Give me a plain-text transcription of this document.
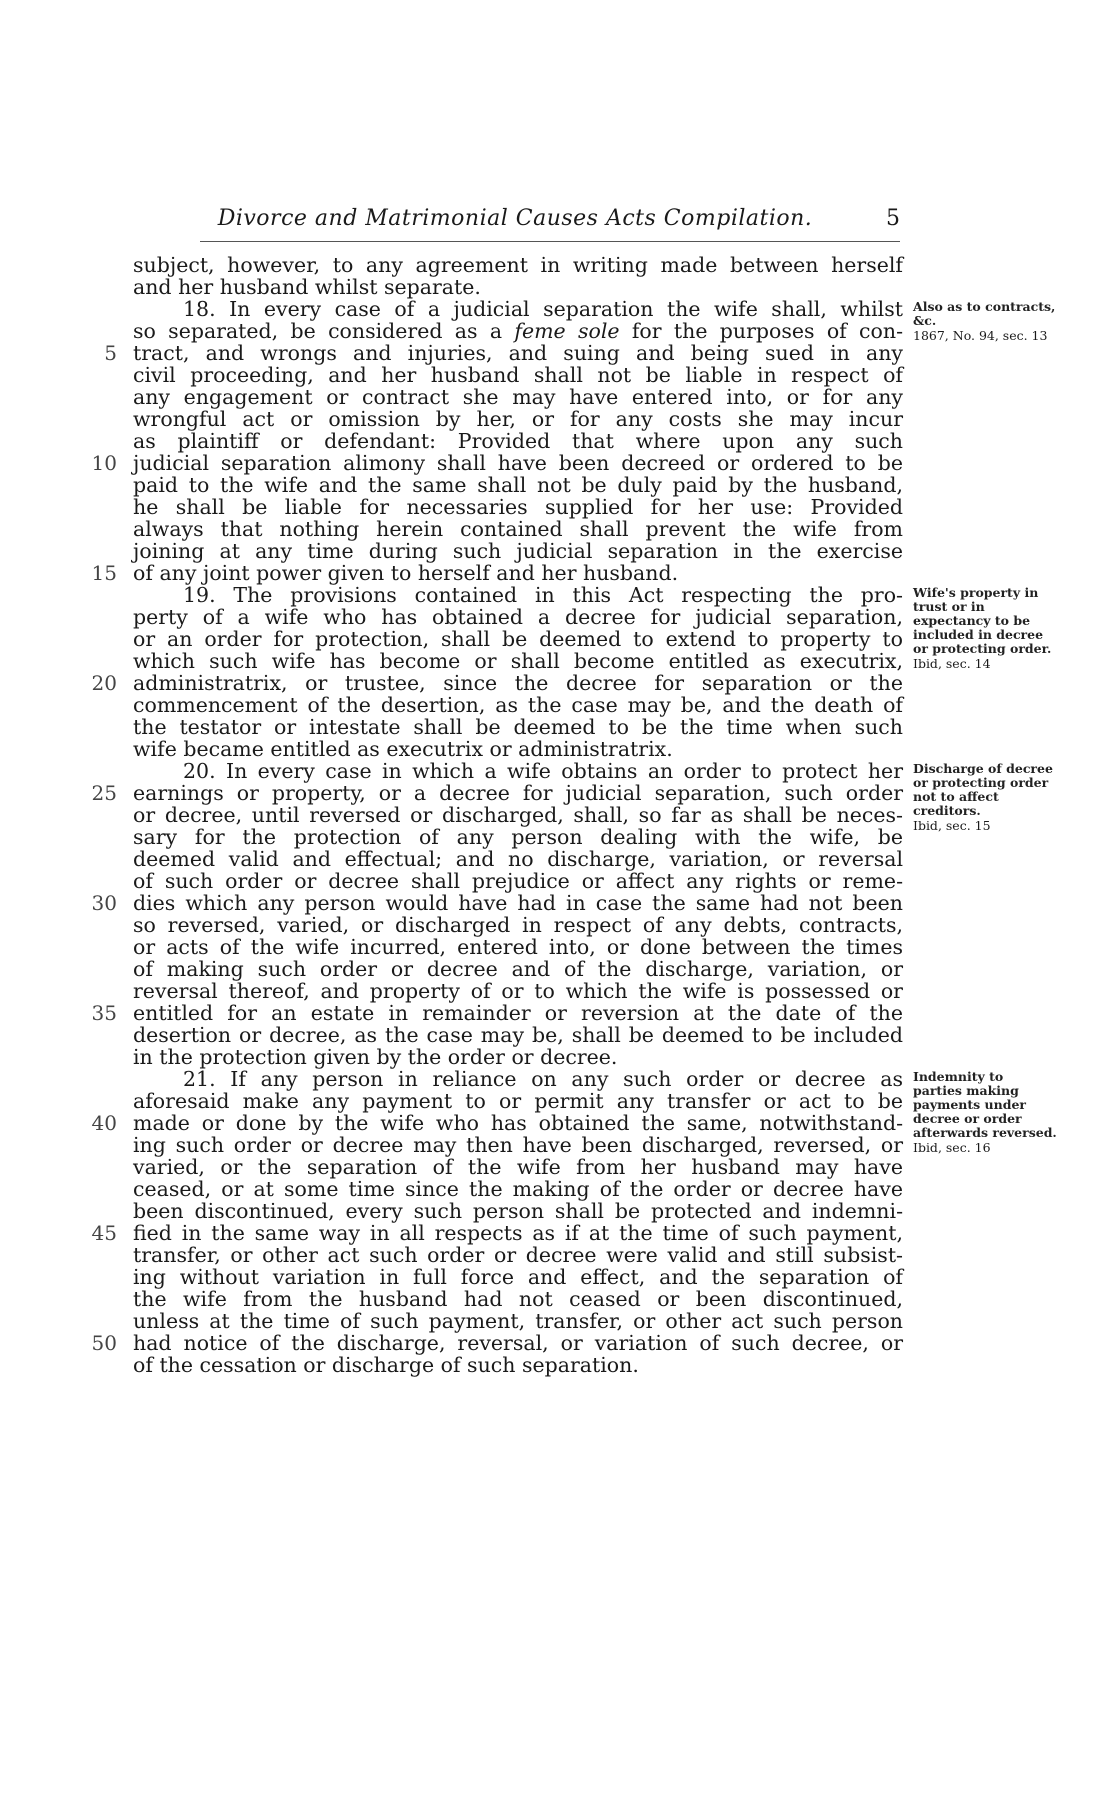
Divorce and Matrimonial Causes Acts Compilation.	5
subject, however, to any agreement in writing made between herself
and her husband whilst separate.
18. In every case of a judicial separation the wife shall, whilst
so separated, be considered as a feme sole for the purposes of con-
tract, and wrongs and injuries, and suing and being sued in any
civil proceeding, and her husband shall not be liable in respect of
any engagement or contract she may have entered into, or for any
wrongful act or omission by her, or for any costs she may incur
as plaintiff or defendant: Provided that where upon any such
judicial separation alimony shall have been decreed or ordered to be
paid to the wife and the same shall not be duly paid by the husband,
he shall be liable for necessaries supplied for her use: Provided
always that nothing herein contained shall prevent the wife from
joining at any time during such judicial separation in the exercise
of any joint power given to herself and her husband.
19. The provisions contained in this Act respecting the pro-
perty of a wife who has obtained a decree for judicial separation,
or an order for protection, shall be deemed to extend to property to
which such wife has become or shall become entitled as executrix,
administratrix, or trustee, since the decree for separation or the
commencement of the desertion, as the case may be, and the death of
the testator or intestate shall be deemed to be the time when such
wife became entitled as executrix or administratrix.
20. In every case in which a wife obtains an order to protect her
earnings or property, or a decree for judicial separation, such order
or decree, until reversed or discharged, shall, so far as shall be neces-
sary for the protection of any person dealing with the wife, be
deemed valid and effectual; and no discharge, variation, or reversal
of such order or decree shall prejudice or affect any rights or reme-
dies which any person would have had in case the same had not been
so reversed, varied, or discharged in respect of any debts, contracts,
or acts of the wife incurred, entered into, or done between the times
of making such order or decree and of the discharge, variation, or
reversal thereof, and property of or to which the wife is possessed or
entitled for an estate in remainder or reversion at the date of the
desertion or decree, as the case may be, shall be deemed to be included
in the protection given by the order or decree.
21. If any person in reliance on any such order or decree as
aforesaid make any payment to or permit any transfer or act to be
made or done by the wife who has obtained the same, notwithstand-
ing such order or decree may then have been discharged, reversed, or
varied, or the separation of the wife from her husband may have
ceased, or at some time since the making of the order or decree have
been discontinued, every such person shall be protected and indemni-
fied in the same way in all respects as if at the time of such payment,
transfer, or other act such order or decree were valid and still subsist-
ing without variation in full force and effect, and the separation of
the wife from the husband had not ceased or been discontinued,
unless at the time of such payment, transfer, or other act such person
had notice of the discharge, reversal, or variation of such decree, or
of the cessation or discharge of such separation.
5
10
15
20
25
30
35
40
45
50
Also as to contracts,
&c.
1867, No. 94, sec. 13
Wife's property in
trust or in
expectancy to be
included in decree
or protecting order.
Ibid, sec. 14
Discharge of decree
or protecting order
not to affect
creditors.
Ibid, sec. 15
Indemnity to
parties making
payments under
decree or order
afterwards reversed.
Ibid, sec. 16
